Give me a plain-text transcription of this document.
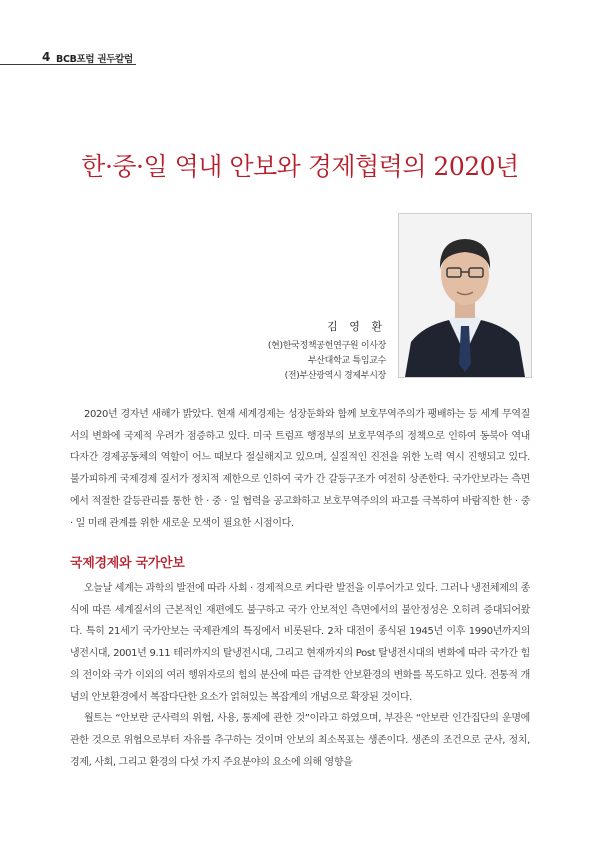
4 BCB포럼 권두칼럼
한·중·일 역내 안보와 경제협력의 2020년
김 영 환
(현)한국정책공헌연구원 이사장
부산대학교 특임교수
(전)부산광역시 경제부시장

2020년 경자년 새해가 밝았다. 현재 세계경제는 성장둔화와 함께 보호무역주의가 팽배하는 등 세계 무역질서의 변화에 국제적 우려가 점증하고 있다. 미국 트럼프 행정부의 보호무역주의 정책으로 인하여 동북아 역내 다자간 경제공동체의 역할이 어느 때보다 절실해지고 있으며, 실질적인 진전을 위한 노력 역시 진행되고 있다. 불가피하게 국제경제 질서가 정치적 제한으로 인하여 국가 간 갈등구조가 여전히 상존한다. 국가안보라는 측면에서 적절한 갈등관리를 통한 한 · 중 · 일 협력을 공고화하고 보호무역주의의 파고를 극복하여 바람직한 한 · 중 · 일 미래 관계를 위한 새로운 모색이 필요한 시점이다.

국제경제와 국가안보

오늘날 세계는 과학의 발전에 따라 사회 · 경제적으로 커다란 발전을 이루어가고 있다. 그러나 냉전체제의 종식에 따른 세계질서의 근본적인 재편에도 불구하고 국가 안보적인 측면에서의 불안정성은 오히려 증대되어왔다. 특히 21세기 국가안보는 국제관계의 특징에서 비롯된다. 2차 대전이 종식된 1945년 이후 1990년까지의 냉전시대, 2001년 9.11 테러까지의 탈냉전시대, 그리고 현재까지의 Post 탈냉전시대의 변화에 따라 국가간 힘의 전이와 국가 이외의 여러 행위자로의 힘의 분산에 따른 급격한 안보환경의 변화를 목도하고 있다. 전통적 개념의 안보환경에서 복잡다단한 요소가 얽혀있는 복잡계의 개념으로 확장된 것이다.

월트는 “안보란 군사력의 위협, 사용, 통제에 관한 것”이라고 하였으며, 부잔은 “안보란 인간집단의 운명에 관한 것으로 위협으로부터 자유를 추구하는 것이며 안보의 최소목표는 생존이다. 생존의 조건으로 군사, 정치, 경제, 사회, 그리고 환경의 다섯 가지 주요분야의 요소에 의해 영향을
